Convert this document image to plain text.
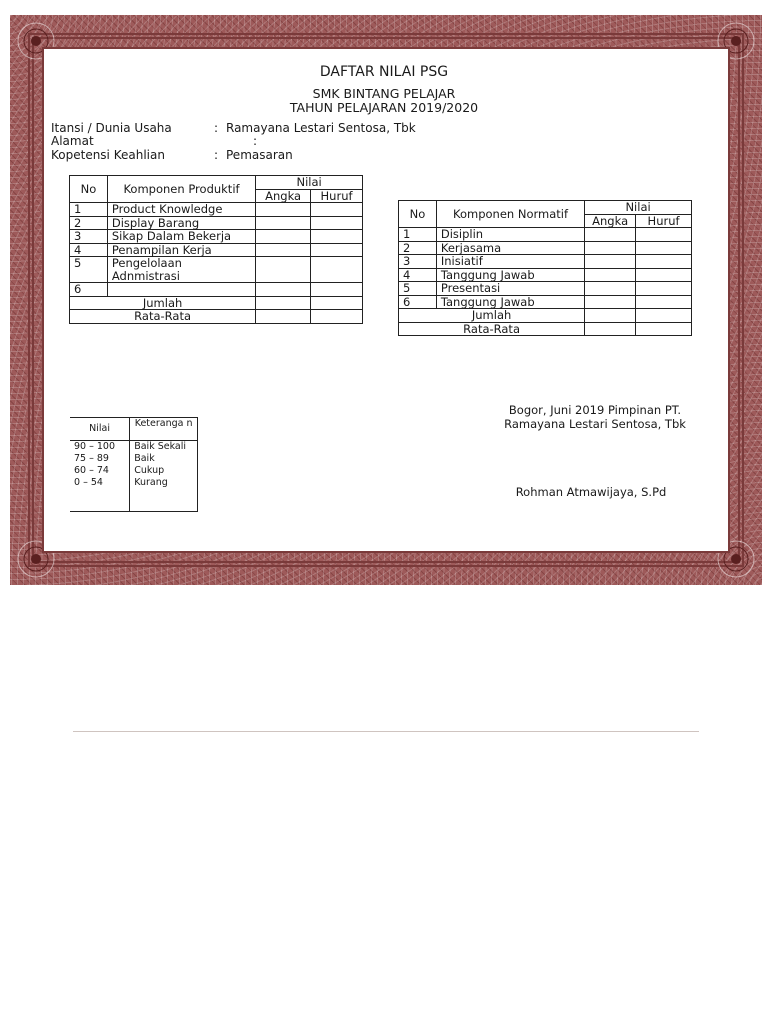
DAFTAR NILAI PSG
SMK BINTANG PELAJAR
TAHUN PELAJARAN 2019/2020
Itansi / Dunia Usaha	: Ramayana Lestari Sentosa, Tbk
Alamat	:
Kopetensi Keahlian	: Pemasaran
No	Komponen Produktif	Nilai	
		Angka	Huruf
1	Product Knowledge		
2	Display Barang		
3	Sikap Dalam Bekerja		
4	Penampilan Kerja		
5	Pengelolaan Adnmistrasi		
6			
Jumlah			
Rata-Rata			
No	Komponen Normatif	Nilai	
		Angka	Huruf
1	Disiplin		
2	Kerjasama		
3	Inisiatif		
4	Tanggung Jawab		
5	Presentasi		
6	Tanggung Jawab		
Jumlah			
Rata-Rata			
Nilai	Keteranga n
90 – 100	Baik Sekali
75 – 89	Baik
60 – 74	Cukup
0 – 54	Kurang

Bogor, Juni 2019 Pimpinan PT.
Ramayana Lestari Sentosa, Tbk
Rohman Atmawijaya, S.Pd
